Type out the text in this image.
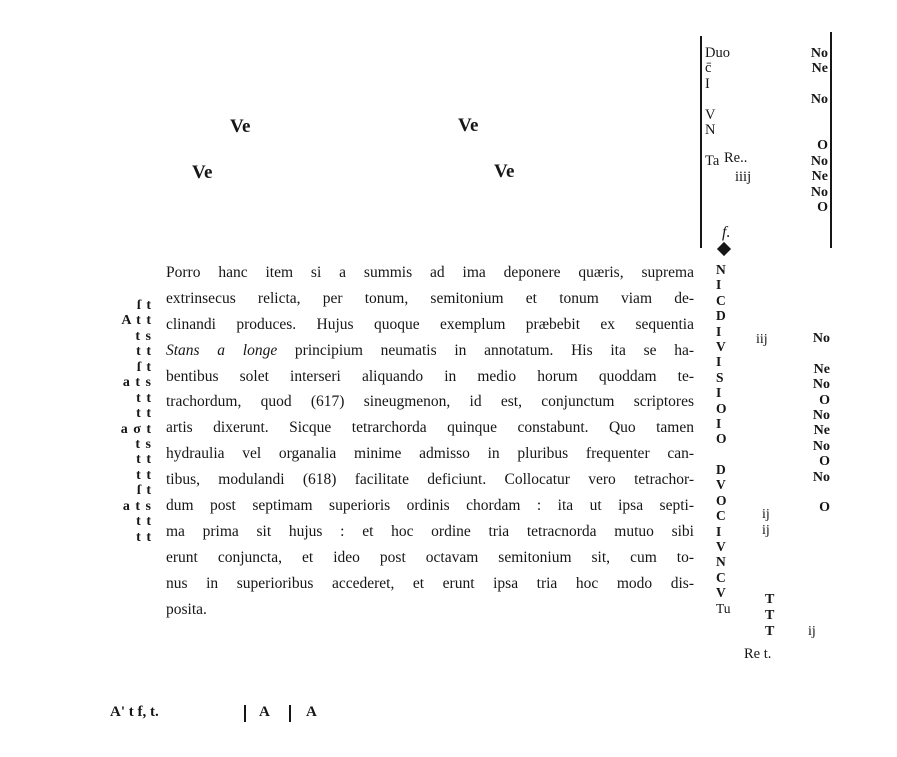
Ve	Ve
Ve	Ve
Duo
c̄
I
V
N
Ta Re..
iiij
No
Ne
No
O
No
Ne
No
O
f.
ſ t
A t t
t s
t t
ſ t
a t s
t t
t t
a σ t
t s
t t
t t
ſ t
a t s
t t
t t
Porro hanc item si a summis ad ima deponere quæris, suprema
extrinsecus relicta, per tonum, semitonium et tonum viam de-
clinandi produces. Hujus quoque exemplum præbebit ex sequentia
Stans a longe principium neumatis in annotatum. His ita se ha-
bentibus solet interseri aliquando in medio horum quoddam te-
trachordum, quod (617) sineugmenon, id est, conjunctum scriptores
artis dixerunt. Sicque tetrarchorda quinque constabunt. Quo tamen
hydraulia vel organalia minime admisso in pluribus frequenter can-
tibus, modulandi (618) facilitate deficiunt. Collocatur vero tetrachor-
dum post septimam superioris ordinis chordam : ita ut ipsa septi-
ma prima sit hujus : et hoc ordine tria tetracnorda mutuo sibi
erunt conjuncta, et ideo post octavam semitonium sit, cum to-
nus in superioribus accederet, et erunt ipsa tria hoc modo dis-
posita.
N
I
C
D
I
V
I
S
I
O
I
O
D
V
O
C
I
V
N
C
V
Tu
iij
ij
ij
T
T
T
Re t.
No
Ne
No
O
No
Ne
No
O
No
O
ij
A' t f, t.	A A
